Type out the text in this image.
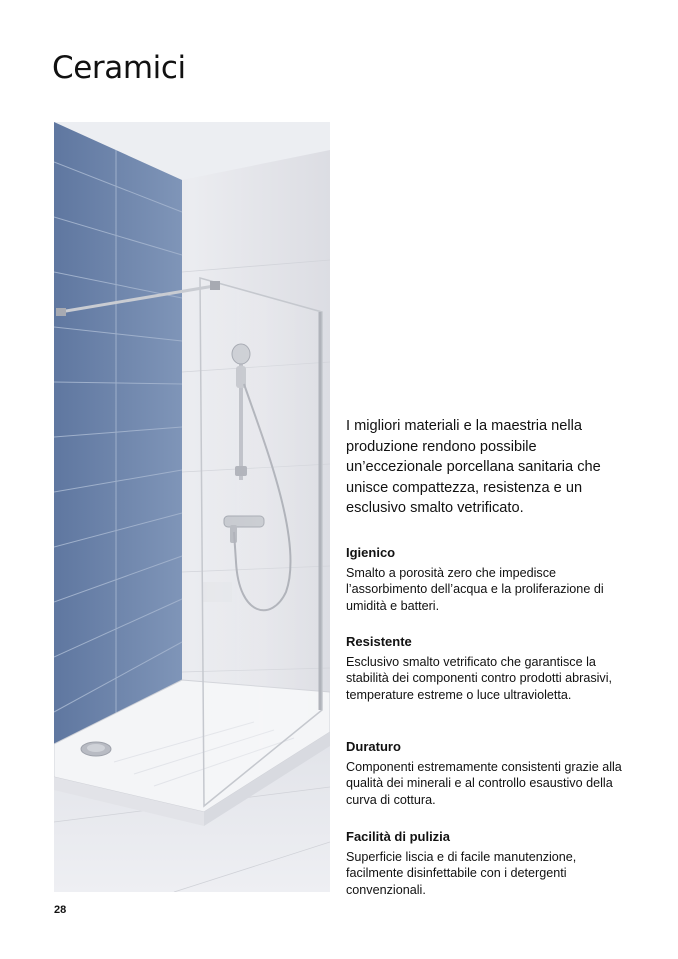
Ceramici

I migliori materiali e la maestria nella produzione rendono possibile un’eccezionale porcellana sanitaria che unisce compattezza, resistenza e un esclusivo smalto vetrificato.

Igienico

Smalto a porosità zero che impedisce l’assorbimento dell’acqua e la proliferazione di umidità e batteri.

Resistente

Esclusivo smalto vetrificato che garantisce la stabilità dei componenti contro prodotti abrasivi, temperature estreme o luce ultravioletta.

Duraturo

Componenti estremamente consistenti grazie alla qualità dei minerali e al controllo esaustivo della curva di cottura.

Facilità di pulizia

Superficie liscia e di facile manutenzione, facilmente disinfettabile con i detergenti convenzionali.

28
